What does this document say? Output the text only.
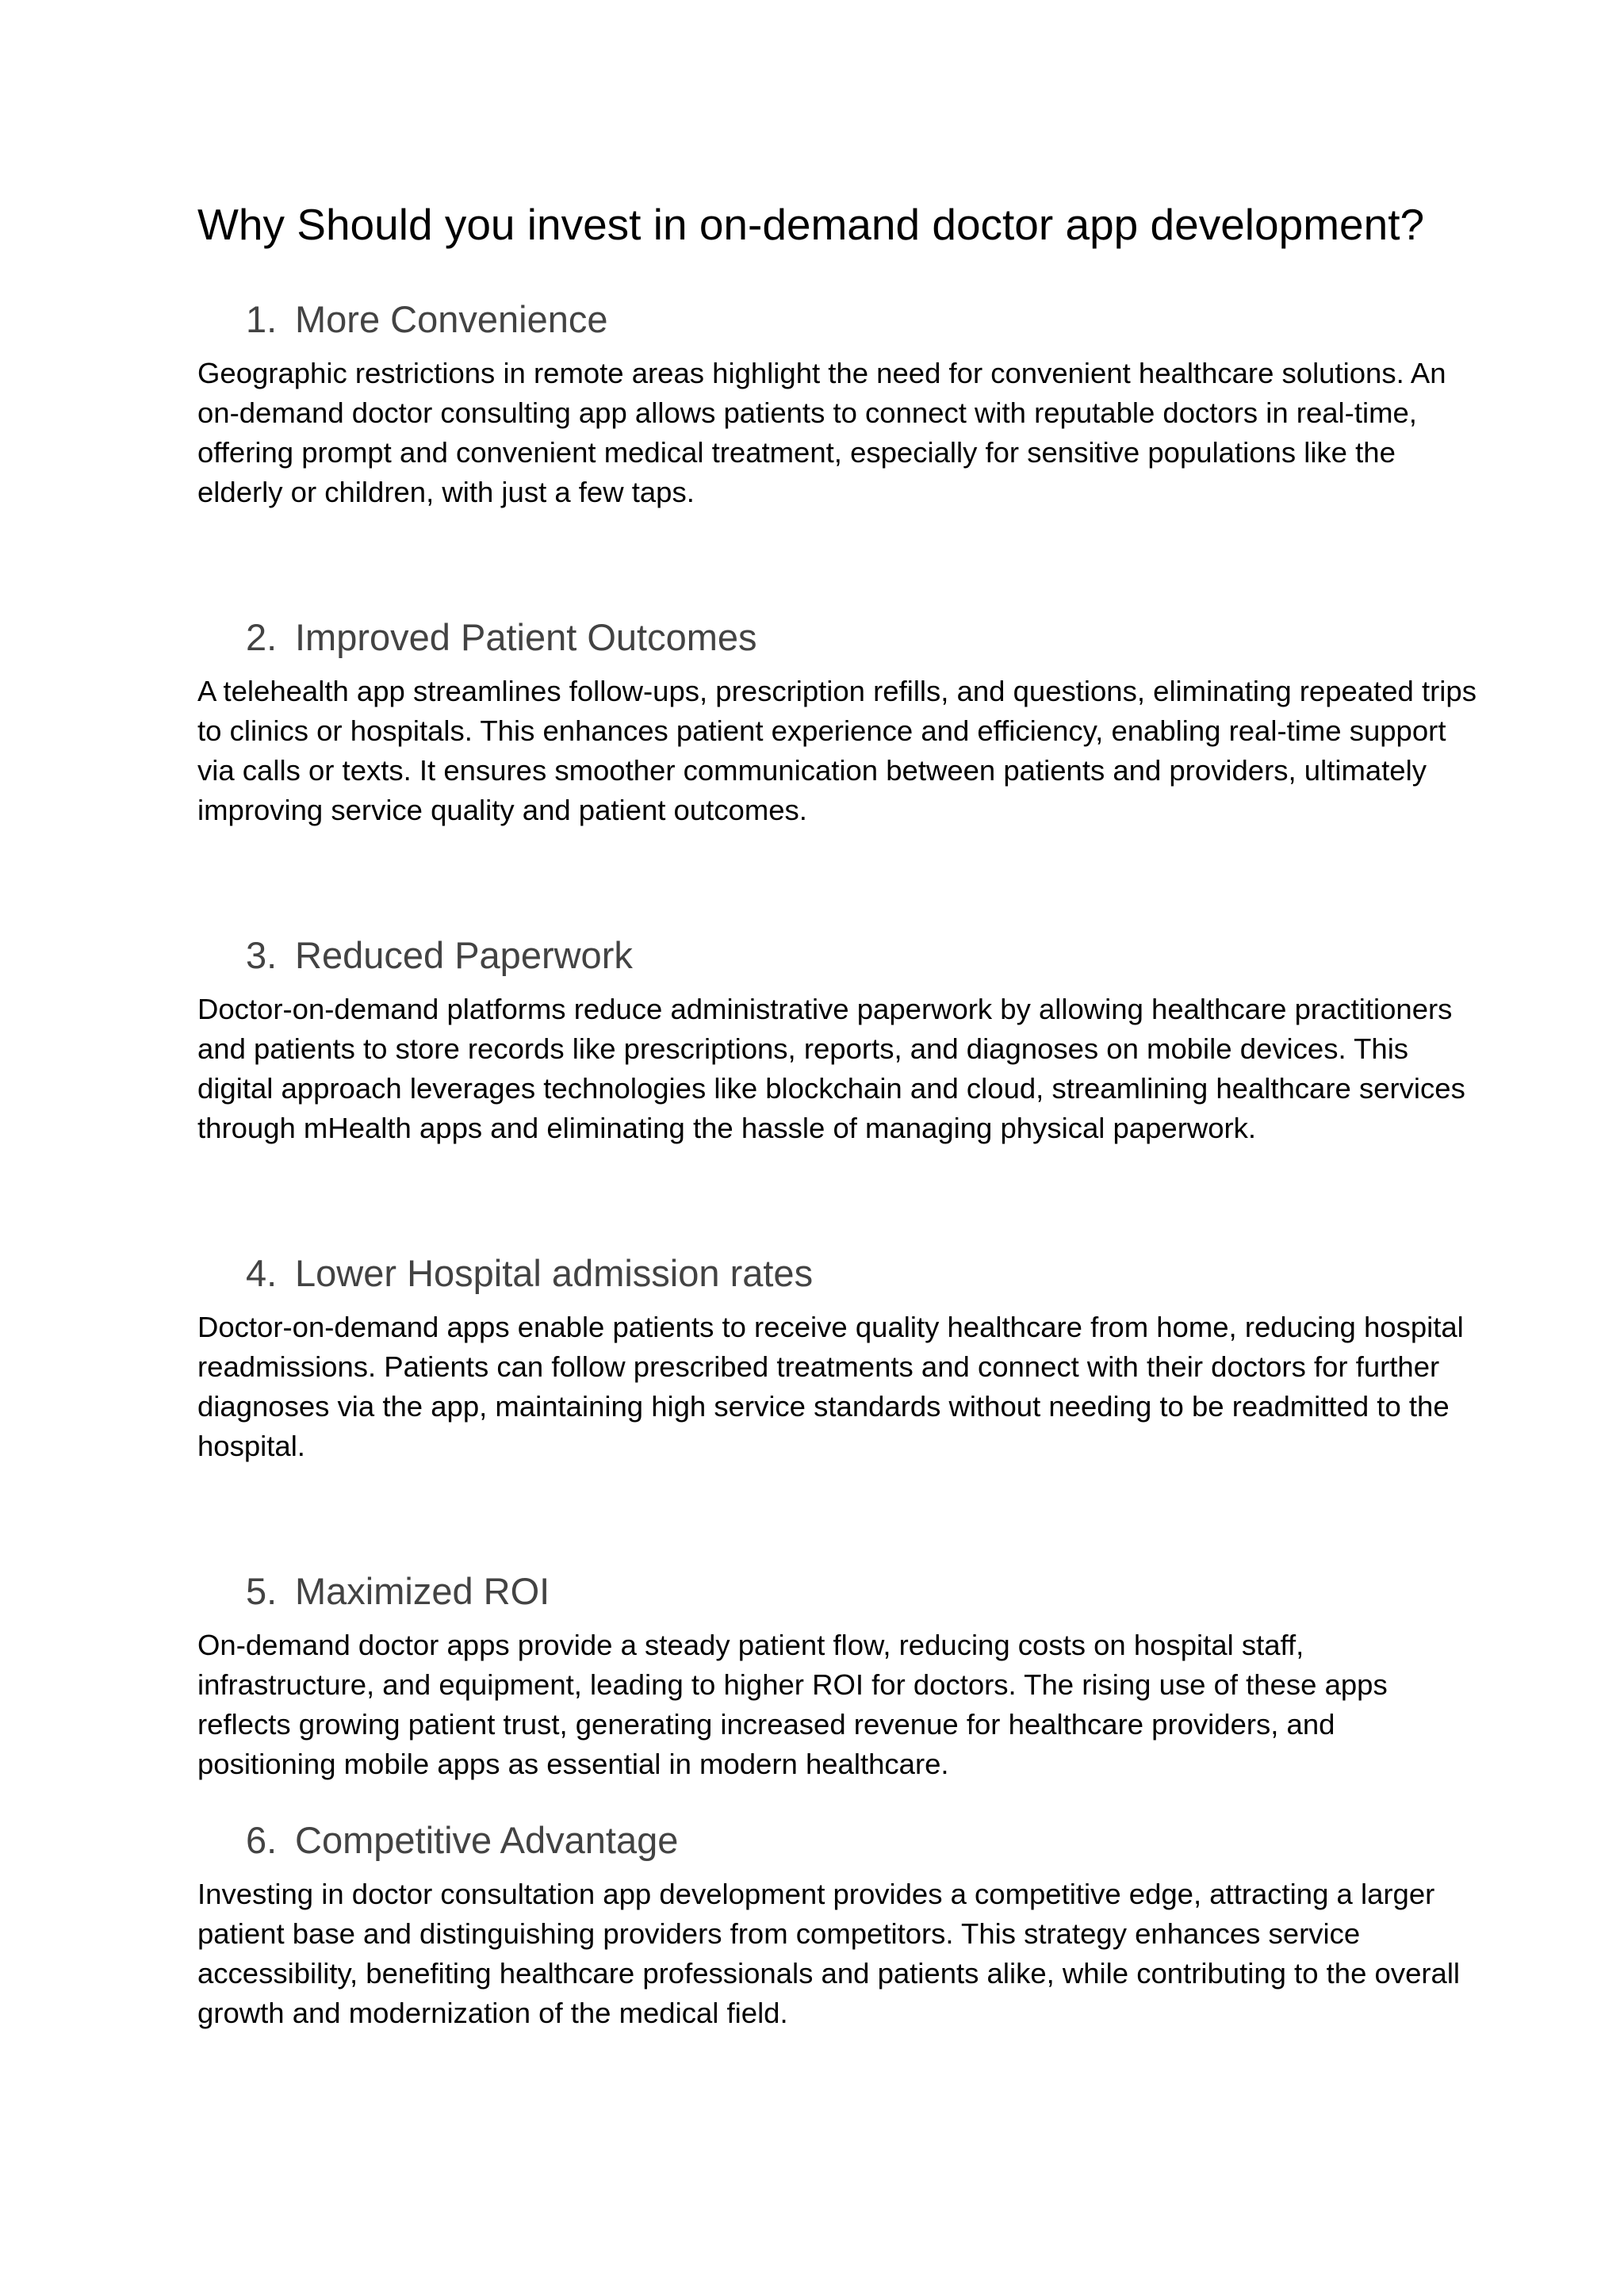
Why Should you invest in on-demand doctor app development?
1. More Convenience

Geographic restrictions in remote areas highlight the need for convenient healthcare solutions. An on-demand doctor consulting app allows patients to connect with reputable doctors in real-time, offering prompt and convenient medical treatment, especially for sensitive populations like the elderly or children, with just a few taps.

2. Improved Patient Outcomes

A telehealth app streamlines follow-ups, prescription refills, and questions, eliminating repeated trips to clinics or hospitals. This enhances patient experience and efficiency, enabling real-time support via calls or texts. It ensures smoother communication between patients and providers, ultimately improving service quality and patient outcomes.

3. Reduced Paperwork

Doctor-on-demand platforms reduce administrative paperwork by allowing healthcare practitioners and patients to store records like prescriptions, reports, and diagnoses on mobile devices. This digital approach leverages technologies like blockchain and cloud, streamlining healthcare services through mHealth apps and eliminating the hassle of managing physical paperwork.

4. Lower Hospital admission rates

Doctor-on-demand apps enable patients to receive quality healthcare from home, reducing hospital readmissions. Patients can follow prescribed treatments and connect with their doctors for further diagnoses via the app, maintaining high service standards without needing to be readmitted to the hospital.

5. Maximized ROI

On-demand doctor apps provide a steady patient flow, reducing costs on hospital staff, infrastructure, and equipment, leading to higher ROI for doctors. The rising use of these apps reflects growing patient trust, generating increased revenue for healthcare providers, and positioning mobile apps as essential in modern healthcare.

6. Competitive Advantage

Investing in doctor consultation app development provides a competitive edge, attracting a larger patient base and distinguishing providers from competitors. This strategy enhances service accessibility, benefiting healthcare professionals and patients alike, while contributing to the overall growth and modernization of the medical field.
